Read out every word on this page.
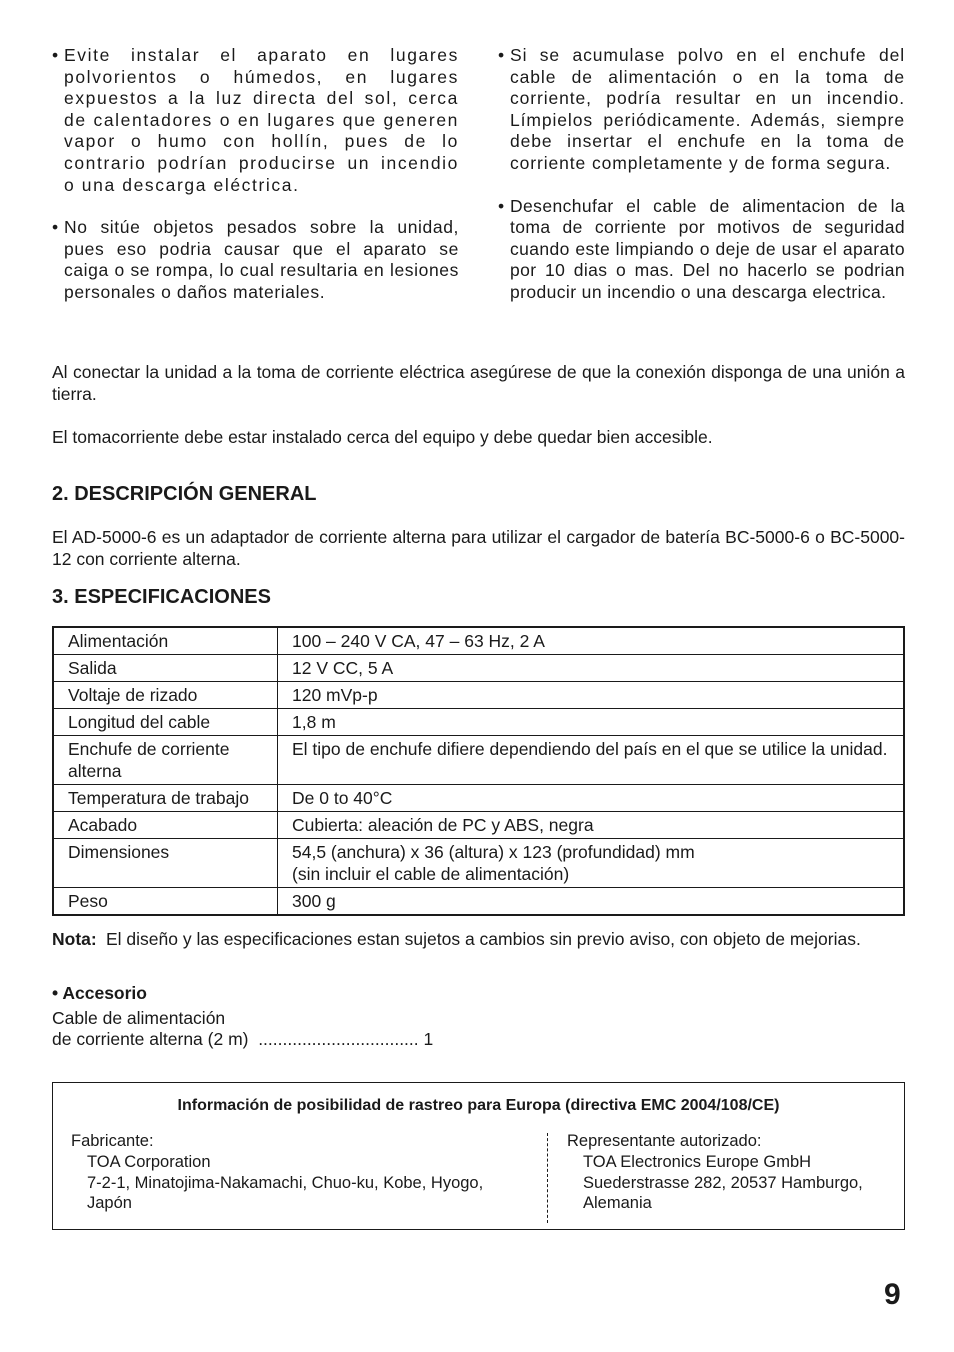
• Evite instalar el aparato en lugares polvorientos o húmedos, en lugares expuestos a la luz directa del sol, cerca de calentadores o en lugares que generen vapor o humo con hollín, pues de lo contrario podrían producirse un incendio o una descarga eléctrica.
• No sitúe objetos pesados sobre la unidad, pues eso podria causar que el aparato se caiga o se rompa, lo cual resultaria en lesiones personales o daños materiales.
• Si se acumulase polvo en el enchufe del cable de alimentación o en la toma de corriente, podría resultar en un incendio. Límpielos periódicamente. Además, siempre debe insertar el enchufe en la toma de corriente completamente y de forma segura.
• Desenchufar el cable de alimentacion de la toma de corriente por motivos de seguridad cuando este limpiando o deje de usar el aparato por 10 dias o mas. Del no hacerlo se podrian producir un incendio o una descarga electrica.
Al conectar la unidad a la toma de corriente eléctrica asegúrese de que la conexión disponga de una unión a tierra.
El tomacorriente debe estar instalado cerca del equipo y debe quedar bien accesible.
2. DESCRIPCIÓN GENERAL
El AD-5000-6 es un adaptador de corriente alterna para utilizar el cargador de batería BC-5000-6 o BC-5000-12 con corriente alterna.
3. ESPECIFICACIONES
Alimentación	100 – 240 V CA, 47 – 63 Hz, 2 A
Salida	12 V CC, 5 A
Voltaje de rizado	120 mVp-p
Longitud del cable	1,8 m
Enchufe de corriente alterna	El tipo de enchufe difiere dependiendo del país en el que se utilice la unidad.
Temperatura de trabajo	De 0 to 40°C
Acabado	Cubierta: aleación de PC y ABS, negra
Dimensiones	54,5 (anchura) x 36 (altura) x 123 (profundidad) mm
(sin incluir el cable de alimentación)
Peso	300 g
Nota: El diseño y las especificaciones estan sujetos a cambios sin previo aviso, con objeto de mejorias.
• Accesorio
Cable de alimentación
de corriente alterna (2 m)  ................................. 1
Información de posibilidad de rastreo para Europa (directiva EMC 2004/108/CE)
Fabricante:
TOA Corporation
7-2-1, Minatojima-Nakamachi, Chuo-ku, Kobe, Hyogo,
Japón
Representante autorizado:
TOA Electronics Europe GmbH
Suederstrasse 282, 20537 Hamburgo,
Alemania
9
